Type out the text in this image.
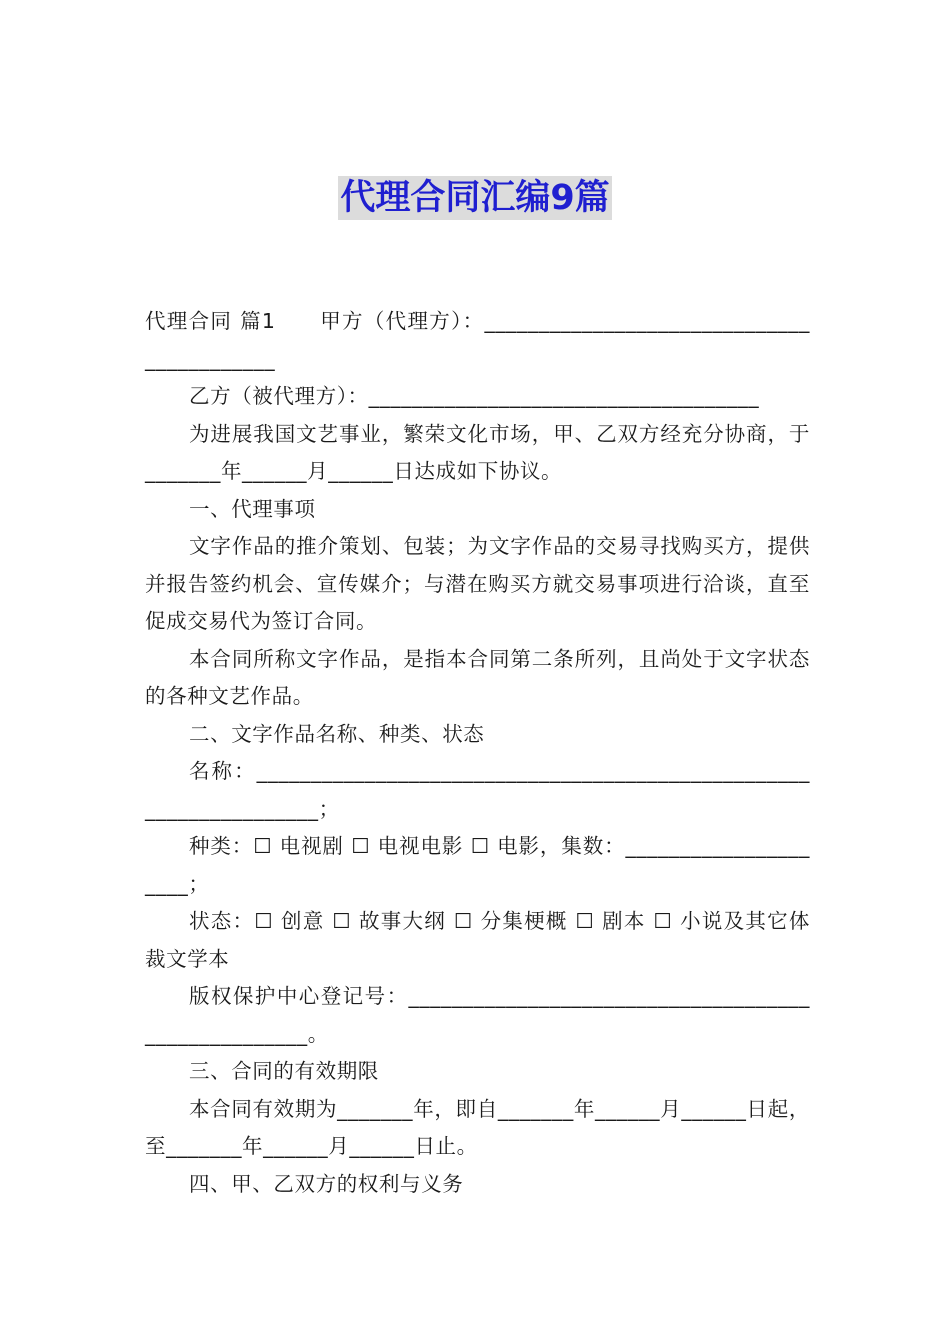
代理合同汇编9篇

代理合同 篇1 甲方（代理方）：__________________________________________

乙方（被代理方）：____________________________________

为进展我国文艺事业，繁荣文化市场，甲、乙双方经充分协商，于_______年______月______日达成如下协议。

一、代理事项

文字作品的推介策划、包装；为文字作品的交易寻找购买方，提供并报告签约机会、宣传媒介；与潜在购买方就交易事项进行洽谈，直至促成交易代为签订合同。

本合同所称文字作品，是指本合同第二条所列，且尚处于文字状态的各种文艺作品。

二、文字作品名称、种类、状态

名称：___________________________________________________________________；

种类：☐ 电视剧 ☐ 电视电影 ☐ 电影，集数：_____________________；

状态：☐ 创意 ☐ 故事大纲 ☐ 分集梗概 ☐ 剧本 ☐ 小说及其它体裁文学本

版权保护中心登记号：____________________________________________________。

三、合同的有效期限

本合同有效期为_______年，即自_______年______月______日起，至_______年______月______日止。

四、甲、乙双方的权利与义务
